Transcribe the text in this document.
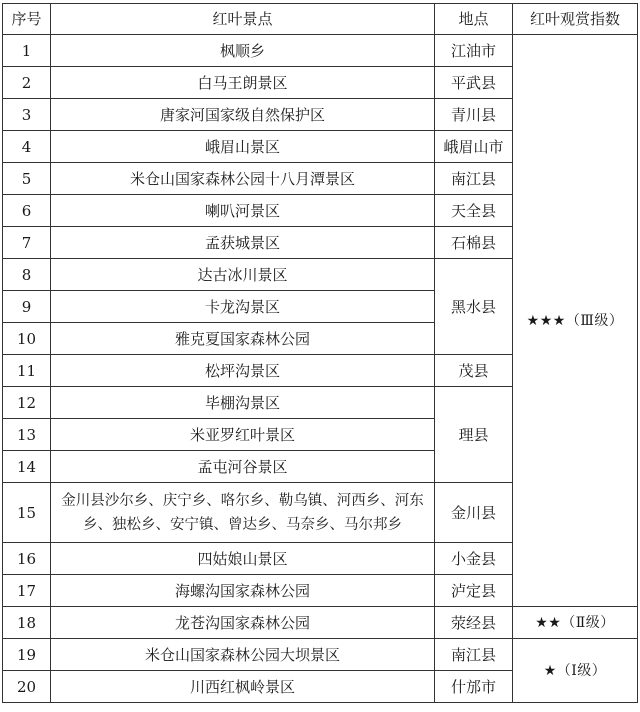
序号	红叶景点	地点	红叶观赏指数
1	枫顺乡	江油市	★★★（Ⅲ级）
2	白马王朗景区	平武县	
3	唐家河国家级自然保护区	青川县	
4	峨眉山景区	峨眉山市	
5	米仓山国家森林公园十八月潭景区	南江县	
6	喇叭河景区	天全县	
7	孟获城景区	石棉县	
8	达古冰川景区	黑水县	
9	卡龙沟景区		
10	雅克夏国家森林公园		
11	松坪沟景区	茂县	
12	毕棚沟景区	理县	
13	米亚罗红叶景区		
14	孟屯河谷景区		
15	金川县沙尔乡、庆宁乡、咯尔乡、勒乌镇、河西乡、河东乡、独松乡、安宁镇、曾达乡、马奈乡、马尔邦乡	金川县	
16	四姑娘山景区	小金县	
17	海螺沟国家森林公园	泸定县	
18	龙苍沟国家森林公园	荥经县	★★（Ⅱ级）
19	米仓山国家森林公园大坝景区	南江县	★（Ⅰ级）
20	川西红枫岭景区	什邡市	
